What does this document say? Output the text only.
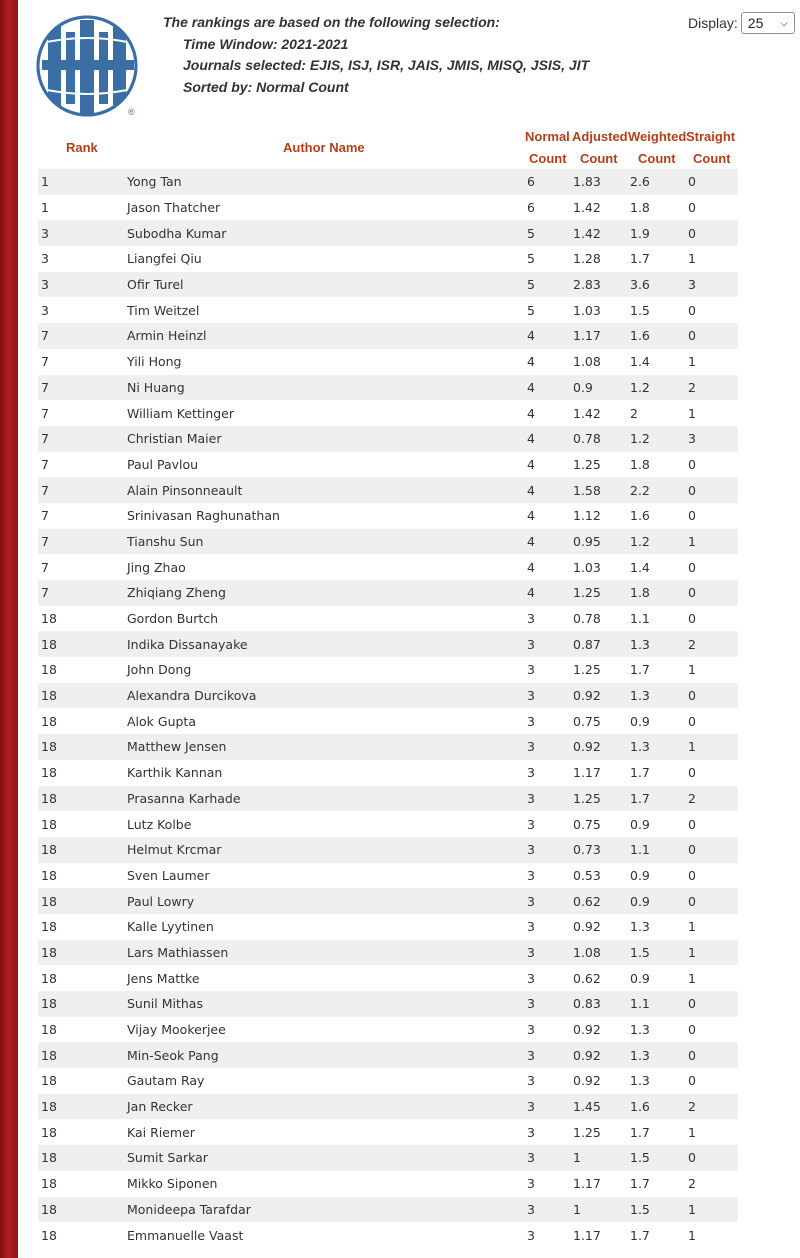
®
The rankings are based on the following selection:
Time Window: 2021-2021
Journals selected: EJIS, ISJ, ISR, JAIS, JMIS, MISQ, JSIS, JIT
Sorted by: Normal Count
Display: 25 ⌵
Rank	Author Name
Normal Adjusted Weighted Straight
Count Count Count Count
1	Yong Tan	6	1.83	2.6	0
1	Jason Thatcher	6	1.42	1.8	0
3	Subodha Kumar	5	1.42	1.9	0
3	Liangfei Qiu	5	1.28	1.7	1
3	Ofir Turel	5	2.83	3.6	3
3	Tim Weitzel	5	1.03	1.5	0
7	Armin Heinzl	4	1.17	1.6	0
7	Yili Hong	4	1.08	1.4	1
7	Ni Huang	4	0.9	1.2	2
7	William Kettinger	4	1.42	2	1
7	Christian Maier	4	0.78	1.2	3
7	Paul Pavlou	4	1.25	1.8	0
7	Alain Pinsonneault	4	1.58	2.2	0
7	Srinivasan Raghunathan	4	1.12	1.6	0
7	Tianshu Sun	4	0.95	1.2	1
7	Jing Zhao	4	1.03	1.4	0
7	Zhiqiang Zheng	4	1.25	1.8	0
18	Gordon Burtch	3	0.78	1.1	0
18	Indika Dissanayake	3	0.87	1.3	2
18	John Dong	3	1.25	1.7	1
18	Alexandra Durcikova	3	0.92	1.3	0
18	Alok Gupta	3	0.75	0.9	0
18	Matthew Jensen	3	0.92	1.3	1
18	Karthik Kannan	3	1.17	1.7	0
18	Prasanna Karhade	3	1.25	1.7	2
18	Lutz Kolbe	3	0.75	0.9	0
18	Helmut Krcmar	3	0.73	1.1	0
18	Sven Laumer	3	0.53	0.9	0
18	Paul Lowry	3	0.62	0.9	0
18	Kalle Lyytinen	3	0.92	1.3	1
18	Lars Mathiassen	3	1.08	1.5	1
18	Jens Mattke	3	0.62	0.9	1
18	Sunil Mithas	3	0.83	1.1	0
18	Vijay Mookerjee	3	0.92	1.3	0
18	Min-Seok Pang	3	0.92	1.3	0
18	Gautam Ray	3	0.92	1.3	0
18	Jan Recker	3	1.45	1.6	2
18	Kai Riemer	3	1.25	1.7	1
18	Sumit Sarkar	3	1	1.5	0
18	Mikko Siponen	3	1.17	1.7	2
18	Monideepa Tarafdar	3	1	1.5	1
18	Emmanuelle Vaast	3	1.17	1.7	1
